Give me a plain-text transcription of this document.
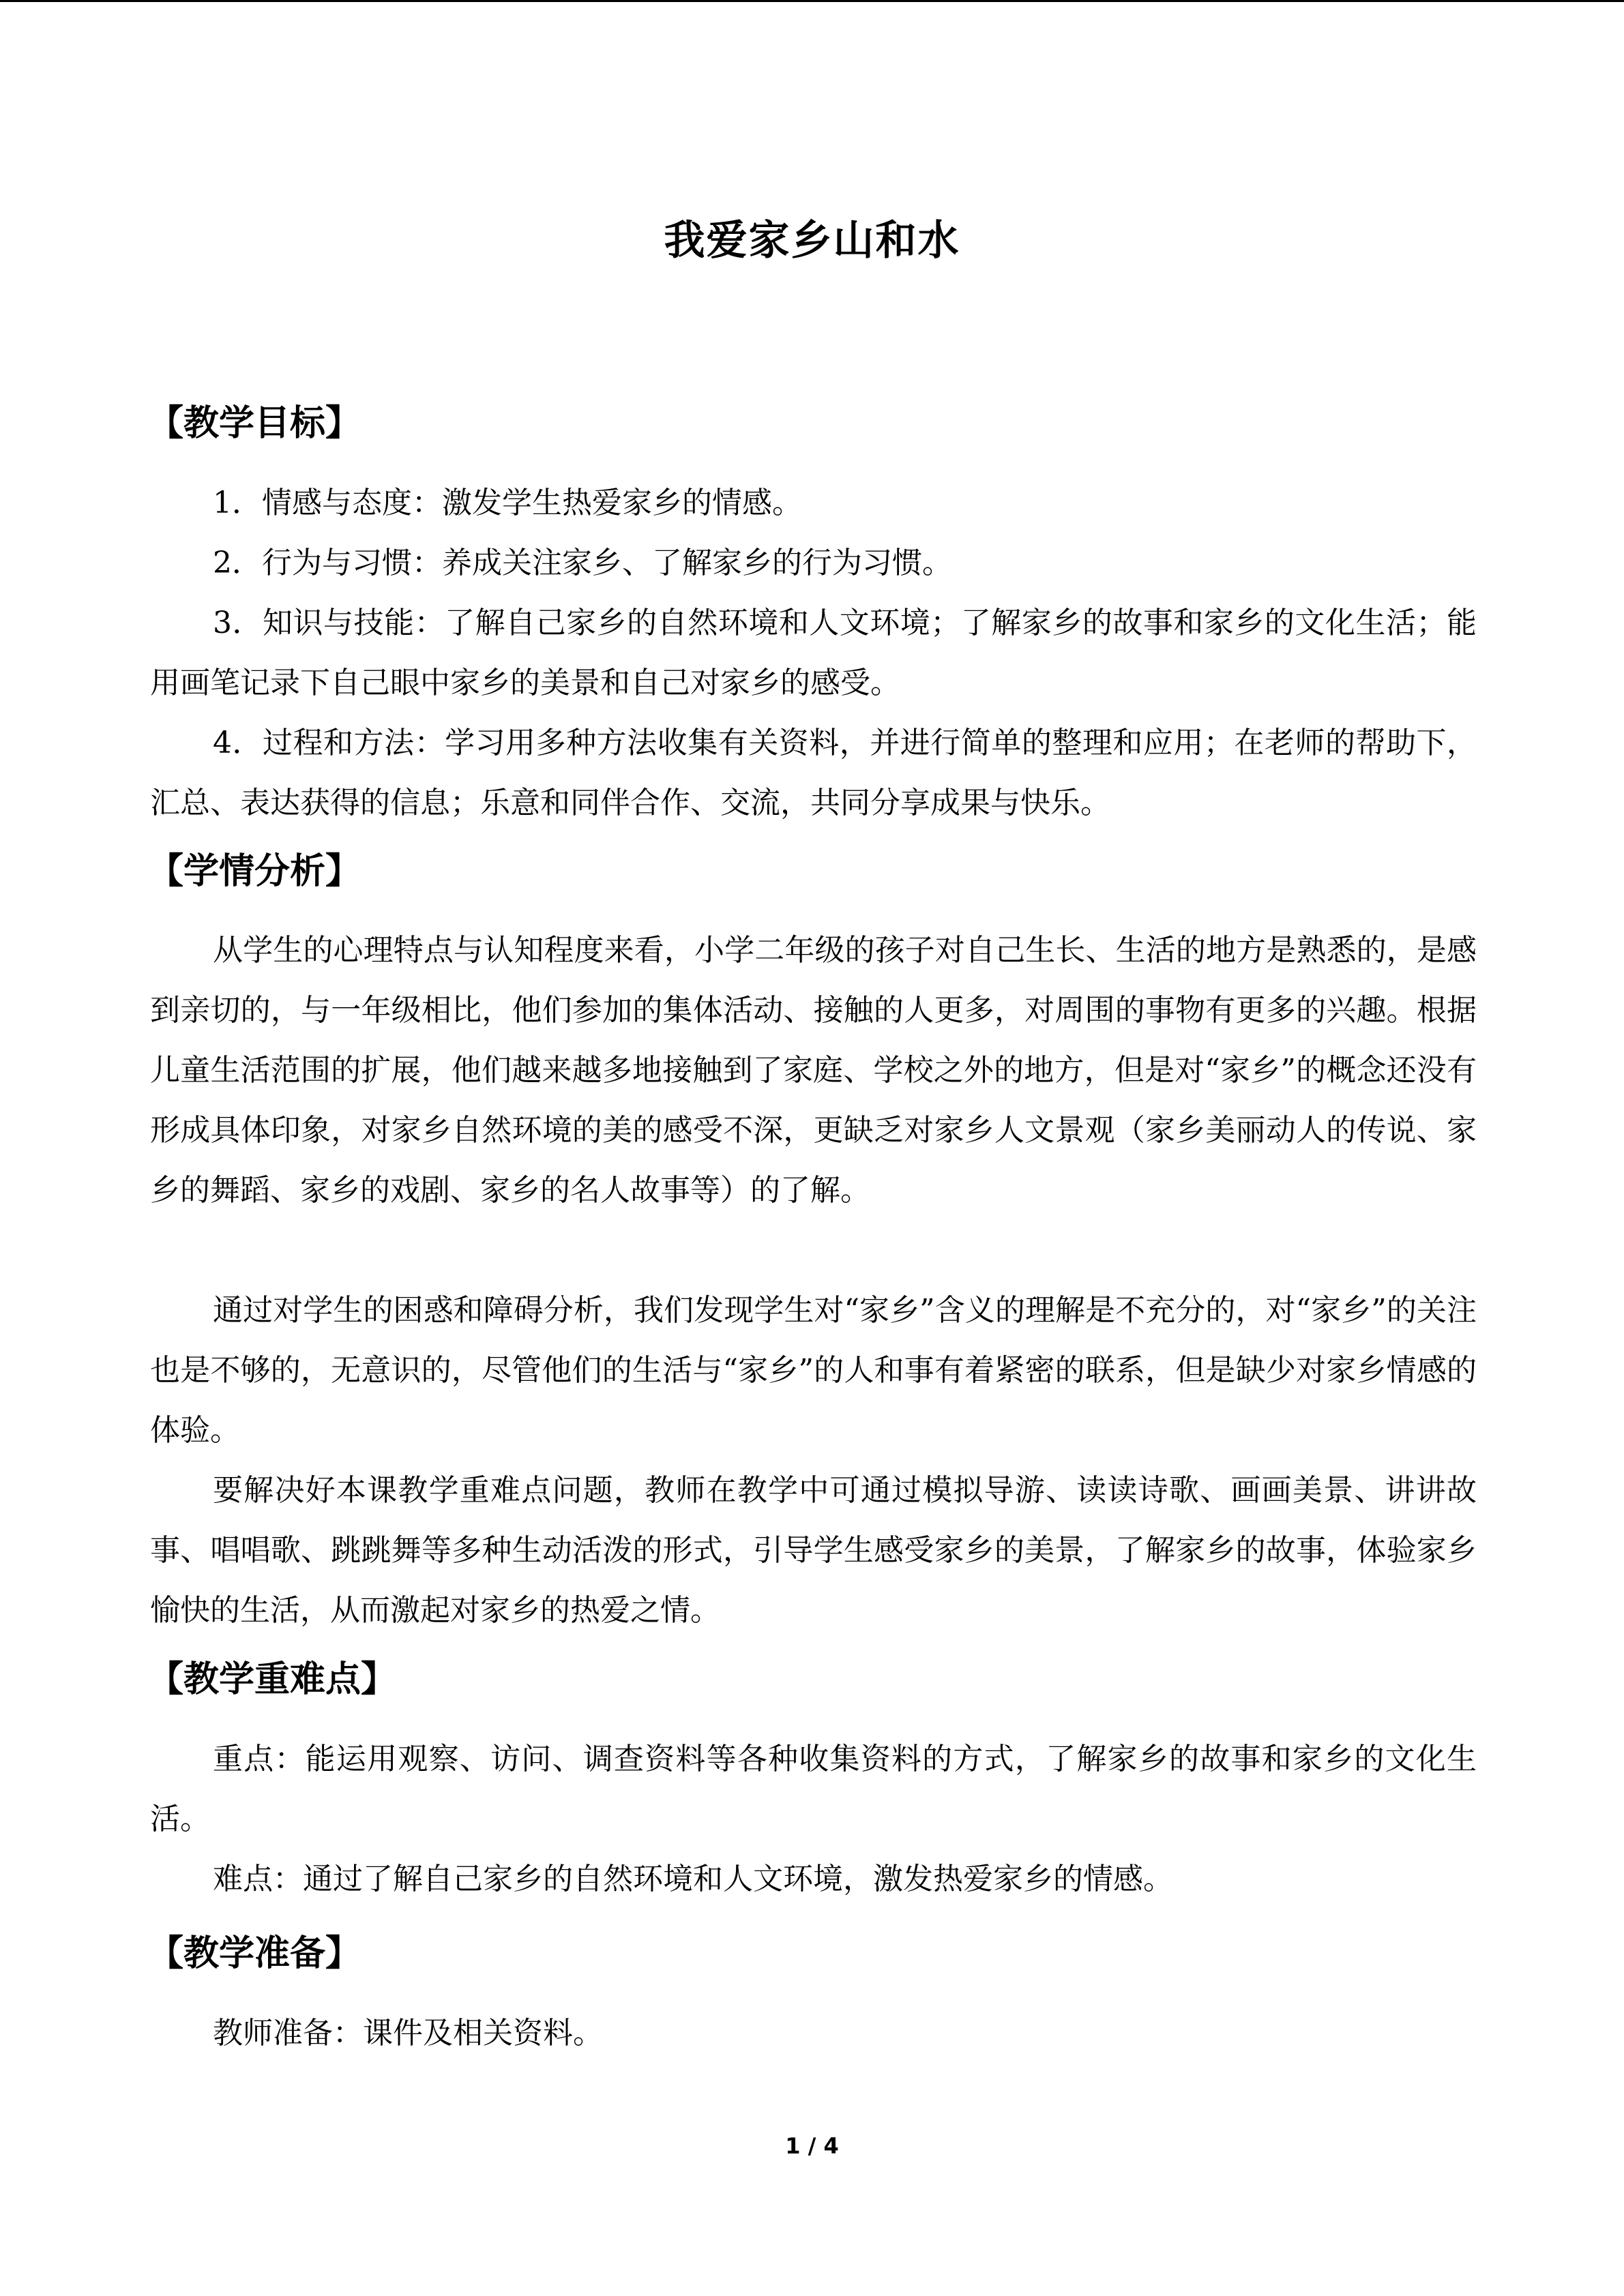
我爱家乡山和水
【教学目标】

1．情感与态度：激发学生热爱家乡的情感。

2．行为与习惯：养成关注家乡、了解家乡的行为习惯。

3．知识与技能：了解自己家乡的自然环境和人文环境；了解家乡的故事和家乡的文化生活；能用画笔记录下自己眼中家乡的美景和自己对家乡的感受。

4．过程和方法：学习用多种方法收集有关资料，并进行简单的整理和应用；在老师的帮助下，汇总、表达获得的信息；乐意和同伴合作、交流，共同分享成果与快乐。

【学情分析】

从学生的心理特点与认知程度来看，小学二年级的孩子对自己生长、生活的地方是熟悉的，是感到亲切的，与一年级相比，他们参加的集体活动、接触的人更多，对周围的事物有更多的兴趣。根据儿童生活范围的扩展，他们越来越多地接触到了家庭、学校之外的地方，但是对“家乡”的概念还没有形成具体印象，对家乡自然环境的美的感受不深，更缺乏对家乡人文景观（家乡美丽动人的传说、家乡的舞蹈、家乡的戏剧、家乡的名人故事等）的了解。

通过对学生的困惑和障碍分析，我们发现学生对“家乡”含义的理解是不充分的，对“家乡”的关注也是不够的，无意识的，尽管他们的生活与“家乡”的人和事有着紧密的联系，但是缺少对家乡情感的体验。

要解决好本课教学重难点问题，教师在教学中可通过模拟导游、读读诗歌、画画美景、讲讲故事、唱唱歌、跳跳舞等多种生动活泼的形式，引导学生感受家乡的美景，了解家乡的故事，体验家乡愉快的生活，从而激起对家乡的热爱之情。

【教学重难点】

重点：能运用观察、访问、调查资料等各种收集资料的方式，了解家乡的故事和家乡的文化生活。

难点：通过了解自己家乡的自然环境和人文环境，激发热爱家乡的情感。

【教学准备】

教师准备：课件及相关资料。

1 / 4
